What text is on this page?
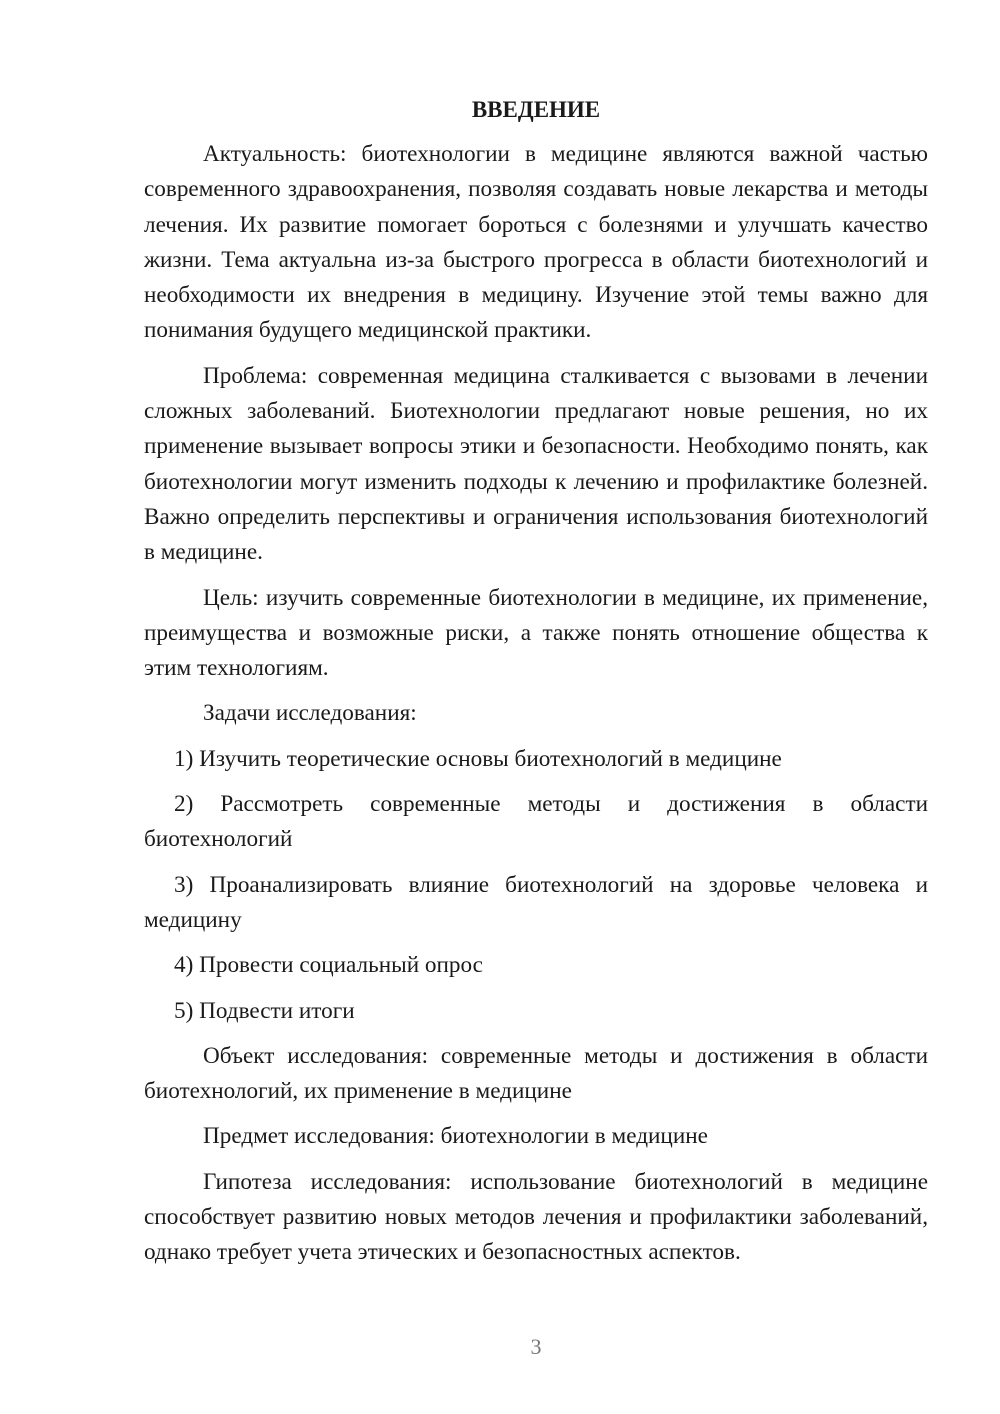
ВВЕДЕНИЕ

Актуальность: биотехнологии в медицине являются важной частью современного здравоохранения, позволяя создавать новые лекарства и методы лечения. Их развитие помогает бороться с болезнями и улучшать качество жизни. Тема актуальна из-за быстрого прогресса в области биотехнологий и необходимости их внедрения в медицину. Изучение этой темы важно для понимания будущего медицинской практики.

Проблема: современная медицина сталкивается с вызовами в лечении сложных заболеваний. Биотехнологии предлагают новые решения, но их применение вызывает вопросы этики и безопасности. Необходимо понять, как биотехнологии могут изменить подходы к лечению и профилактике болезней. Важно определить перспективы и ограничения использования биотехнологий в медицине.

Цель: изучить современные биотехнологии в медицине, их применение, преимущества и возможные риски, а также понять отношение общества к этим технологиям.

Задачи исследования:

1) Изучить теоретические основы биотехнологий в медицине

2) Рассмотреть современные методы и достижения в области биотехнологий

3) Проанализировать влияние биотехнологий на здоровье человека и медицину

4) Провести социальный опрос

5) Подвести итоги

Объект исследования: современные методы и достижения в области биотехнологий, их применение в медицине

Предмет исследования: биотехнологии в медицине

Гипотеза исследования: использование биотехнологий в медицине способствует развитию новых методов лечения и профилактики заболеваний, однако требует учета этических и безопасностных аспектов.

3
